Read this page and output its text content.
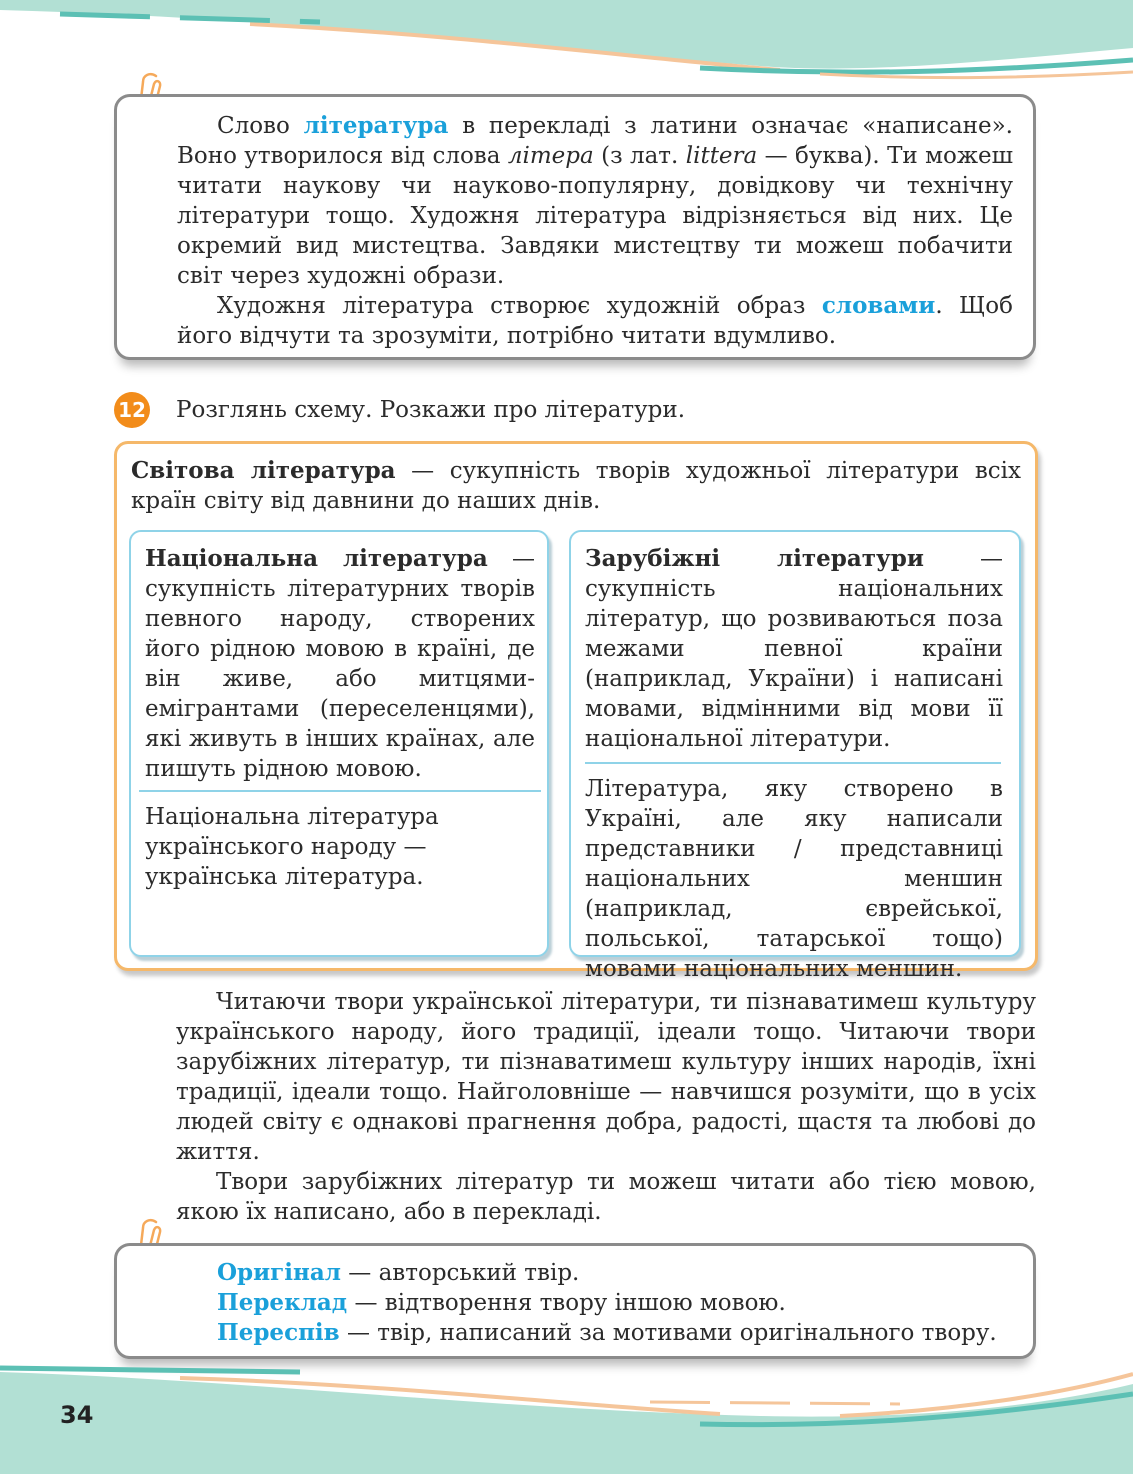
Слово література в перекладі з латини означає «написане». Воно утворилося від слова літера (з лат. littera — буква). Ти можеш читати наукову чи науково-популярну, довідкову чи технічну літератури тощо. Художня література відрізняється від них. Це окремий вид мистецтва. Завдяки мистецтву ти можеш побачити світ через художні образи.

Художня література створює художній образ словами. Щоб його відчути та зрозуміти, потрібно читати вдумливо.

12 Розглянь схему. Розкажи про літератури.

Світова література — сукупність творів художньої літератури всіх країн світу від давнини до наших днів.

Національна література — сукупність літературних творів певного народу, створених його рідною мовою в країні, де він живе, або митцями-емігрантами (переселенцями), які живуть в інших країнах, але пишуть рідною мовою.

Національна література українського народу — українська література.

Зарубіжні літератури — сукупність національних літератур, що розвиваються поза межами певної країни (наприклад, України) і написані мовами, відмінними від мови її національної літератури.

Література, яку створено в Україні, але яку написали представники / представниці національних меншин (наприклад, єврейської, польської, татарської тощо) мовами національних меншин.

Читаючи твори української літератури, ти пізнаватимеш культуру українського народу, його традиції, ідеали тощо. Читаючи твори зарубіжних літератур, ти пізнаватимеш культуру інших народів, їхні традиції, ідеали тощо. Найголовніше — навчишся розуміти, що в усіх людей світу є однакові прагнення добра, радості, щастя та любові до життя.

Твори зарубіжних літератур ти можеш читати або тією мовою, якою їх написано, або в перекладі.

Оригінал — авторський твір.

Переклад — відтворення твору іншою мовою.

Переспів — твір, написаний за мотивами оригінального твору.

34
